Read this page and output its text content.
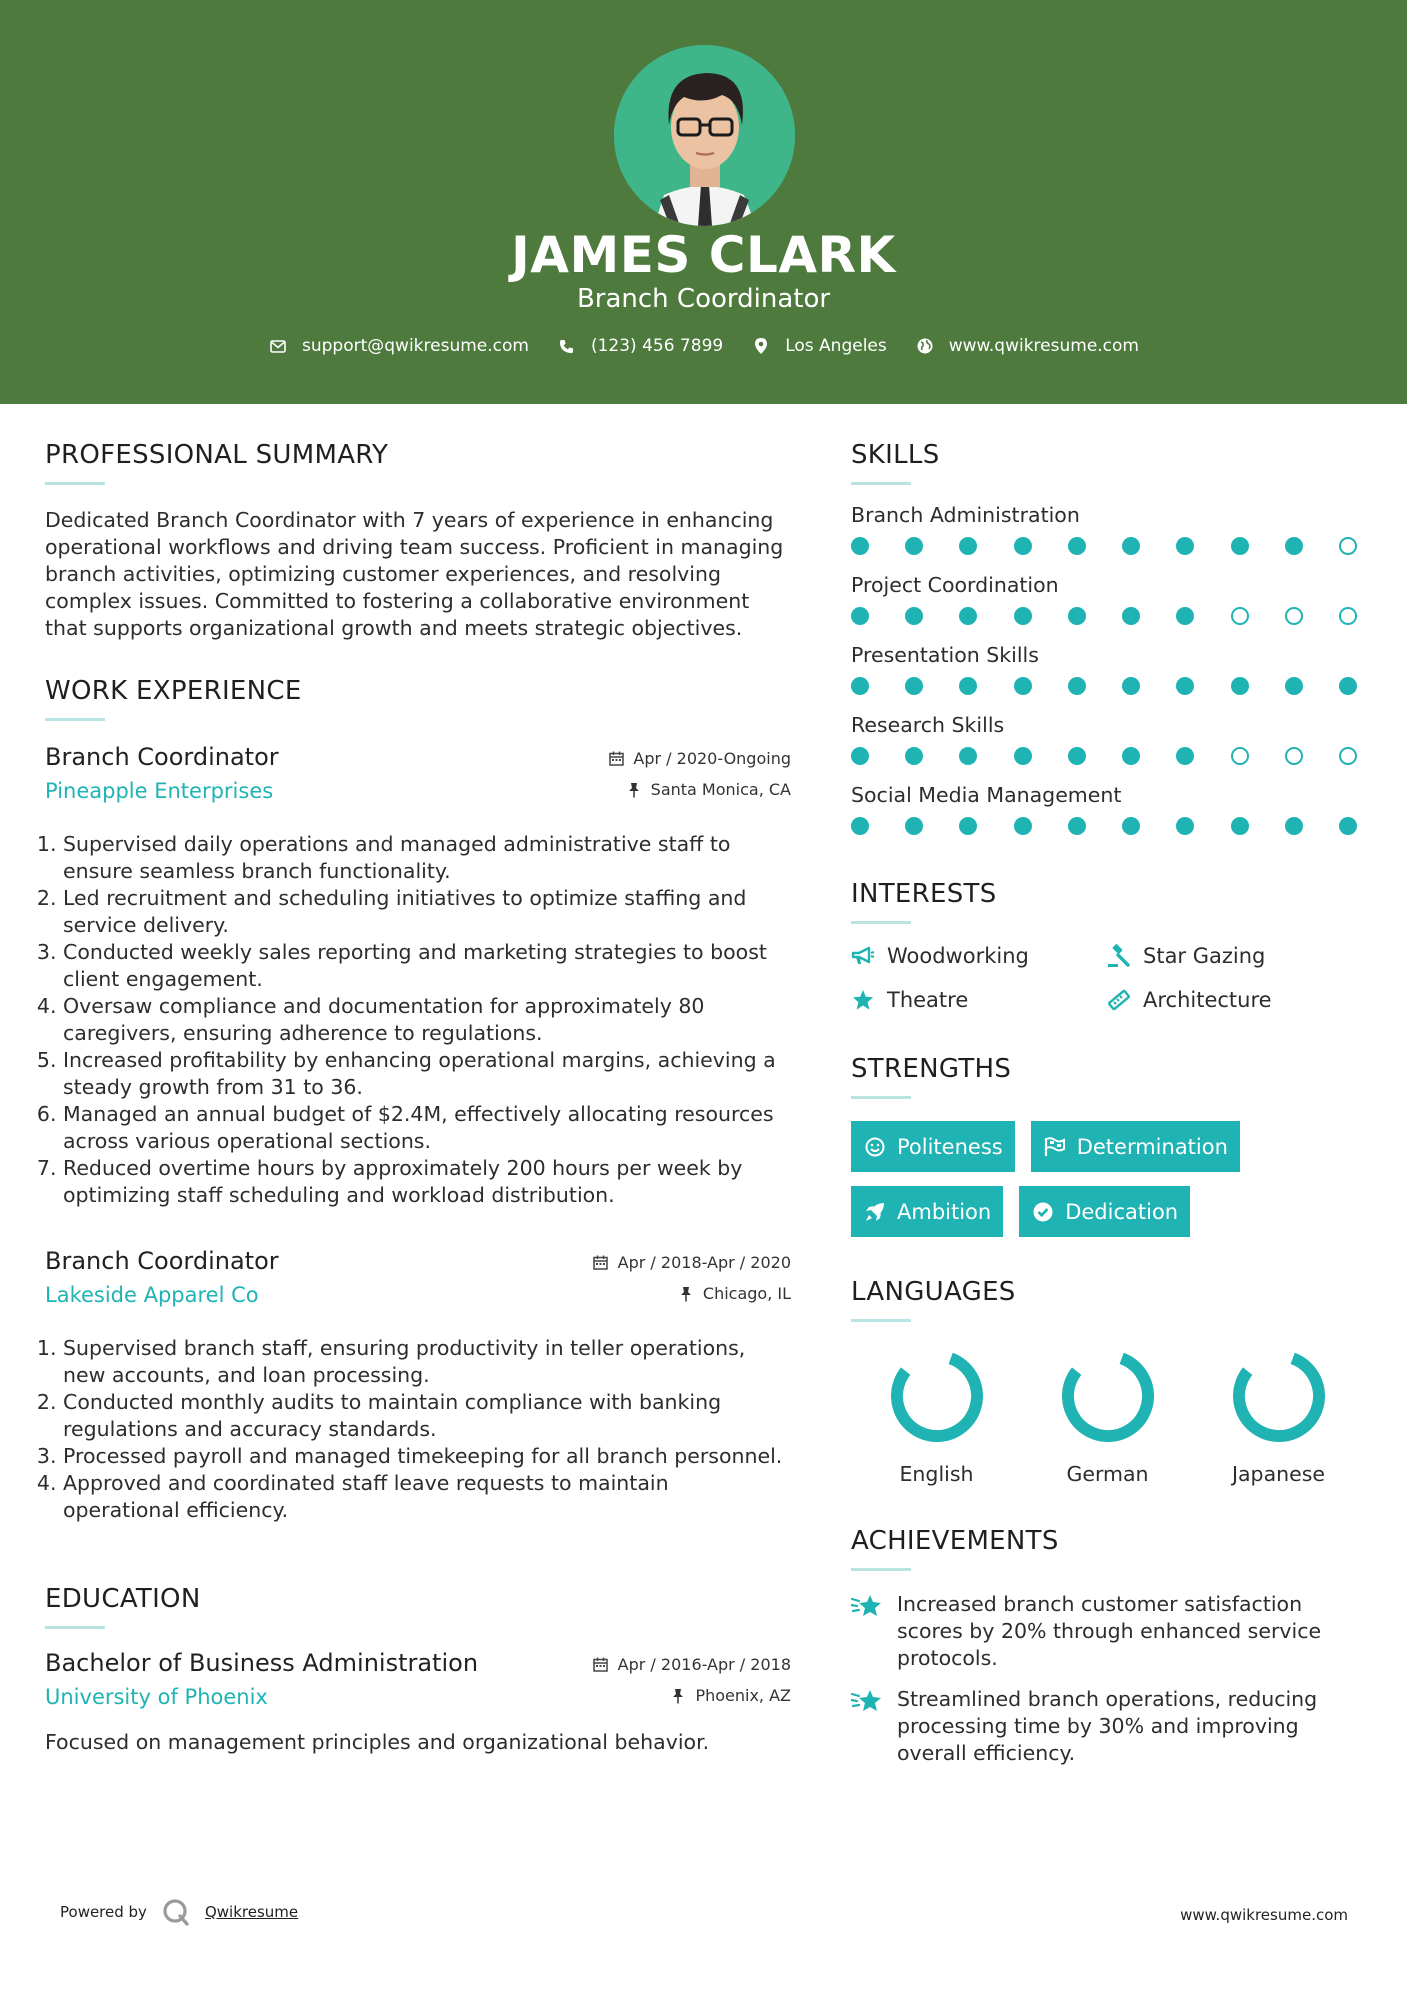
JAMES CLARK
Branch Coordinator
support@qwikresume.com	(123) 456 7899	Los Angeles	www.qwikresume.com
PROFESSIONAL SUMMARY
Dedicated Branch Coordinator with 7 years of experience in enhancing operational workflows and driving team success. Proficient in managing branch activities, optimizing customer experiences, and resolving complex issues. Committed to fostering a collaborative environment that supports organizational growth and meets strategic objectives.
WORK EXPERIENCE
Branch Coordinator
Pineapple Enterprises
Apr / 2020-Ongoing
Santa Monica, CA
1. Supervised daily operations and managed administrative staff to ensure seamless branch functionality.
2. Led recruitment and scheduling initiatives to optimize staffing and service delivery.
3. Conducted weekly sales reporting and marketing strategies to boost client engagement.
4. Oversaw compliance and documentation for approximately 80 caregivers, ensuring adherence to regulations.
5. Increased profitability by enhancing operational margins, achieving a steady growth from 31 to 36.
6. Managed an annual budget of $2.4M, effectively allocating resources across various operational sections.
7. Reduced overtime hours by approximately 200 hours per week by optimizing staff scheduling and workload distribution.
Branch Coordinator
Lakeside Apparel Co
Apr / 2018-Apr / 2020
Chicago, IL
1. Supervised branch staff, ensuring productivity in teller operations, new accounts, and loan processing.
2. Conducted monthly audits to maintain compliance with banking regulations and accuracy standards.
3. Processed payroll and managed timekeeping for all branch personnel.
4. Approved and coordinated staff leave requests to maintain operational efficiency.
EDUCATION
Bachelor of Business Administration
University of Phoenix
Apr / 2016-Apr / 2018
Phoenix, AZ
Focused on management principles and organizational behavior.
SKILLS
Branch Administration
Project Coordination
Presentation Skills
Research Skills
Social Media Management
INTERESTS
Woodworking	Star Gazing
Theatre	Architecture
STRENGTHS
Politeness	Determination
Ambition	Dedication
LANGUAGES
English	German	Japanese
ACHIEVEMENTS
Increased branch customer satisfaction scores by 20% through enhanced service protocols.
Streamlined branch operations, reducing processing time by 30% and improving overall efficiency.
Powered by	Qwikresume	www.qwikresume.com
